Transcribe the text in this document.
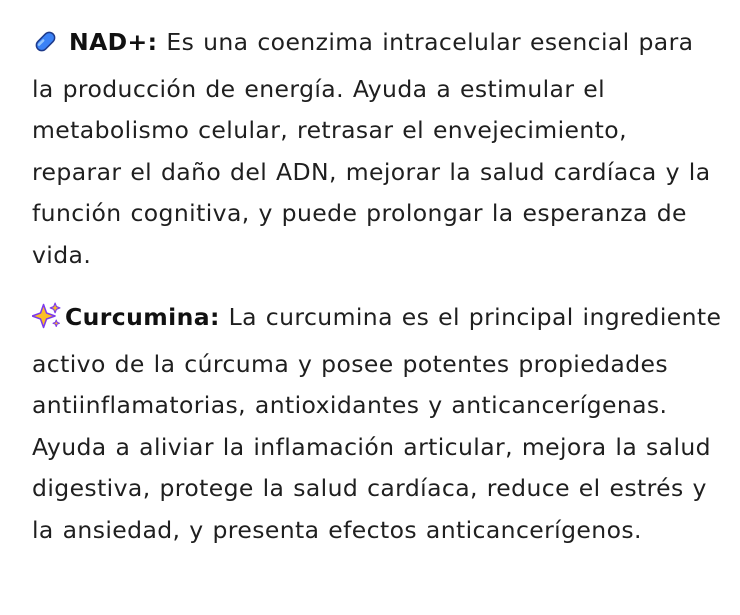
NAD+: Es una coenzima intracelular esencial para la producción de energía. Ayuda a estimular el metabolismo celular, retrasar el envejecimiento, reparar el daño del ADN, mejorar la salud cardíaca y la función cognitiva, y puede prolongar la esperanza de vida.

Curcumina: La curcumina es el principal ingrediente activo de la cúrcuma y posee potentes propiedades antiinflamatorias, antioxidantes y anticancerígenas. Ayuda a aliviar la inflamación articular, mejora la salud digestiva, protege la salud cardíaca, reduce el estrés y la ansiedad, y presenta efectos anticancerígenos.
